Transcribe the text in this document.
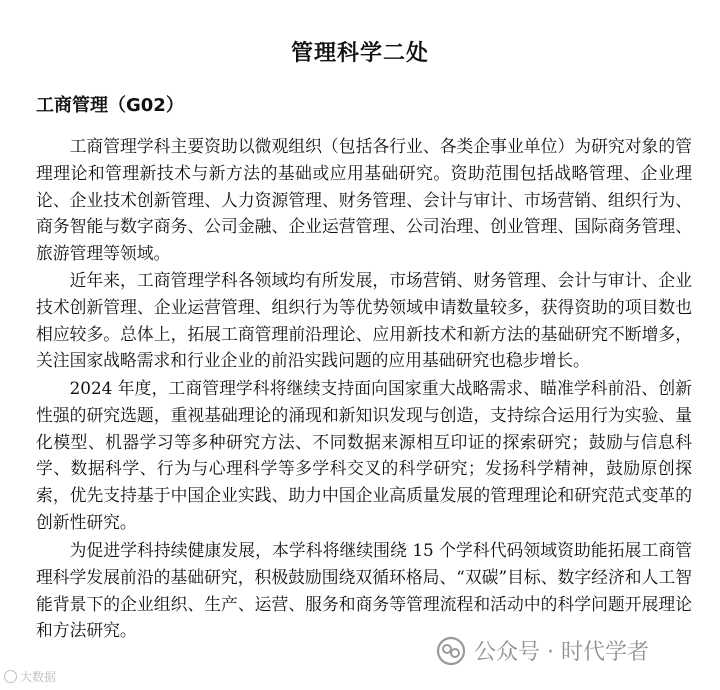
管理科学二处
工商管理（G02）

工商管理学科主要资助以微观组织（包括各行业、各类企事业单位）为研究对象的管理理论和管理新技术与新方法的基础或应用基础研究。资助范围包括战略管理、企业理论、企业技术创新管理、人力资源管理、财务管理、会计与审计、市场营销、组织行为、商务智能与数字商务、公司金融、企业运营管理、公司治理、创业管理、国际商务管理、旅游管理等领域。

近年来，工商管理学科各领域均有所发展，市场营销、财务管理、会计与审计、企业技术创新管理、企业运营管理、组织行为等优势领域申请数量较多，获得资助的项目数也相应较多。总体上，拓展工商管理前沿理论、应用新技术和新方法的基础研究不断增多，关注国家战略需求和行业企业的前沿实践问题的应用基础研究也稳步增长。

2024 年度，工商管理学科将继续支持面向国家重大战略需求、瞄准学科前沿、创新性强的研究选题，重视基础理论的涌现和新知识发现与创造，支持综合运用行为实验、量化模型、机器学习等多种研究方法、不同数据来源相互印证的探索研究；鼓励与信息科学、数据科学、行为与心理科学等多学科交叉的科学研究；发扬科学精神，鼓励原创探索，优先支持基于中国企业实践、助力中国企业高质量发展的管理理论和研究范式变革的创新性研究。

为促进学科持续健康发展，本学科将继续围绕 15 个学科代码领域资助能拓展工商管理科学发展前沿的基础研究，积极鼓励围绕双循环格局、“双碳”目标、数字经济和人工智能背景下的企业组织、生产、运营、服务和商务等管理流程和活动中的科学问题开展理论和方法研究。

公众号 · 时代学者
大数据
